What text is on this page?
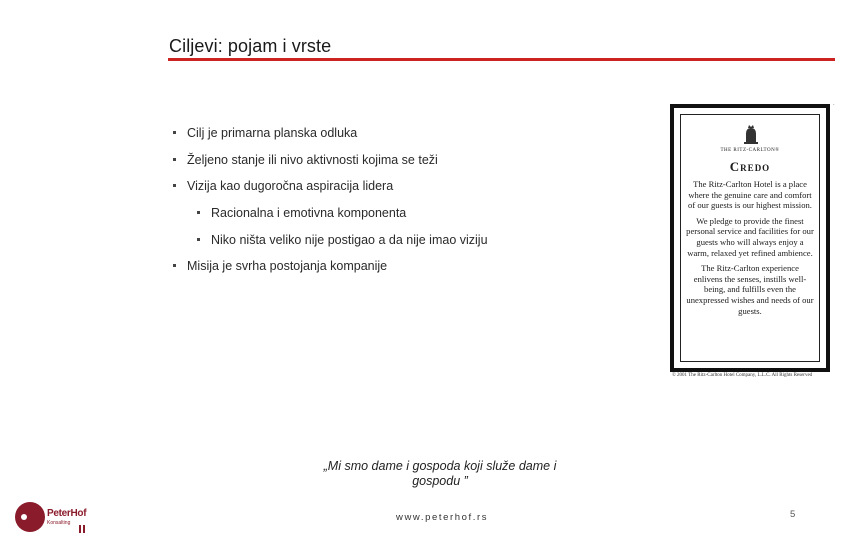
Ciljevi: pojam i vrste
Cilj je primarna planska odluka
Željeno stanje ili nivo aktivnosti kojima se teži
Vizija kao dugoročna aspiracija lidera
Racionalna i emotivna komponenta
Niko ništa veliko nije postigao a da nije imao viziju
Misija je svrha postojanja kompanije
.
THE RITZ-CARLTON®
Credo

The Ritz-Carlton Hotel is a place where the genuine care and comfort of our guests is our highest mission.

We pledge to provide the finest personal service and facilities for our guests who will always enjoy a warm, relaxed yet refined ambience.

The Ritz-Carlton experience enlivens the senses, instills well-being, and fulfills even the unexpressed wishes and needs of our guests.

© 2001 The Ritz-Carlton Hotel Company, L.L.C. All Rights Reserved
„Mi smo dame i gospoda koji služe dame i gospodu ”
PeterHof
Konsalting	www.peterhof.rs	5
